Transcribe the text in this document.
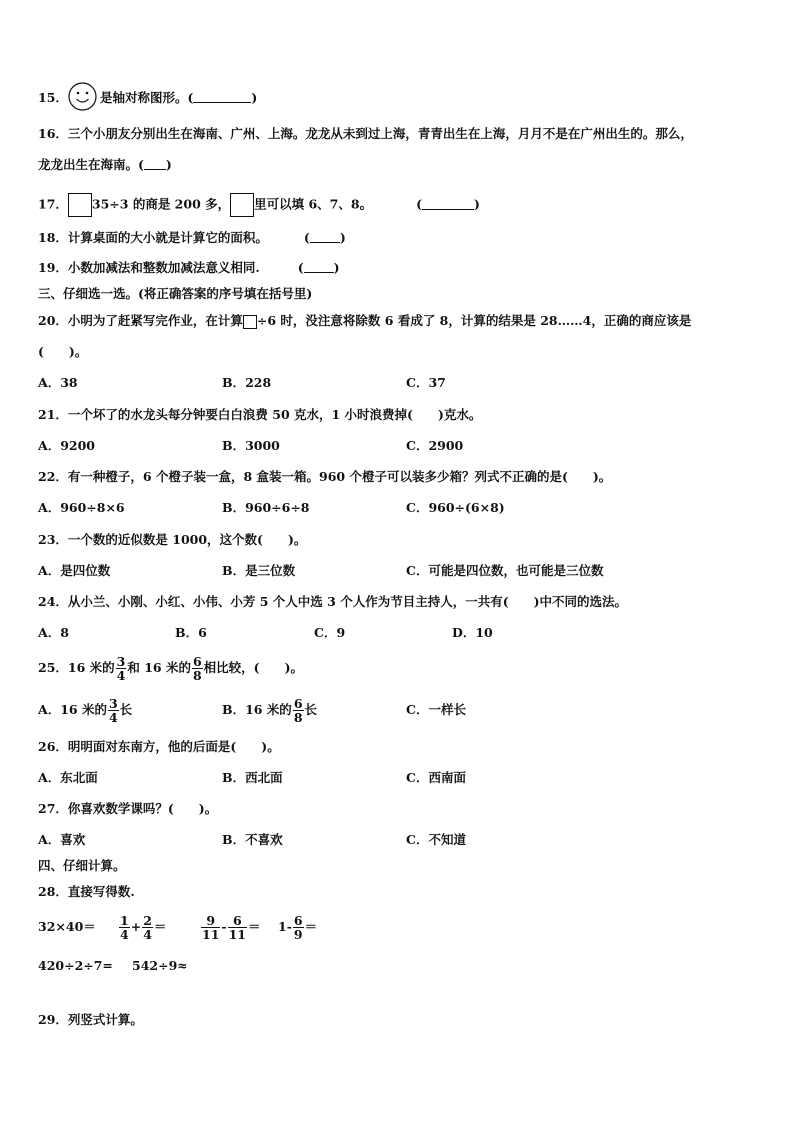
15．	是轴对称图形。(	)
16．三个小朋友分别出生在海南、广州、上海。龙龙从未到过上海，青青出生在上海，月月不是在广州出生的。那么，
龙龙出生在海南。( )
17． 35÷3 的商是 200 多， 里可以填 6、7、8。	(	)
18．计算桌面的大小就是计算它的面积。	( )
19．小数加减法和整数加减法意义相同.	( )
三、仔细选一选。(将正确答案的序号填在括号里)
20．小明为了赶紧写完作业，在计算 ÷6 时，没注意将除数 6 看成了 8，计算的结果是 28……4，正确的商应该是
(　　)。
A．38	B．228	C．37
21．一个坏了的水龙头每分钟要白白浪费 50 克水，1 小时浪费掉(　　)克水。
A．9200	B．3000	C．2900
22．有一种橙子，6 个橙子装一盒，8 盒装一箱。960 个橙子可以装多少箱？列式不正确的是(　　)。
A．960÷8×6	B．960÷6÷8	C．960÷(6×8)
23．一个数的近似数是 1000，这个数(　　)。
A．是四位数	B．是三位数	C．可能是四位数，也可能是三位数
24．从小兰、小刚、小红、小伟、小芳 5 个人中选 3 个人作为节目主持人，一共有(　　)中不同的选法。
A．8	B．6	C．9	D．10
25．16 米的 $\frac{3}{4}$ 和 16 米的 $\frac{6}{8}$ 相比较，(　　)。
A．16 米的 $\frac{3}{4}$ 长	B．16 米的 $\frac{6}{8}$ 长	C．一样长
26．明明面对东南方，他的后面是(　　)。
A．东北面	B．西北面	C．西南面
27．你喜欢数学课吗？(　　)。
A．喜欢	B．不喜欢	C．不知道
四、仔细计算。
28．直接写得数.
$32\times 40= \frac{1}{4} + \frac{2}{4}$ ＝	$\frac{9}{11} - \frac{6}{11} = 1- \frac{6}{9}$ ＝
420÷2÷7= 542÷9≈
29．列竖式计算。
